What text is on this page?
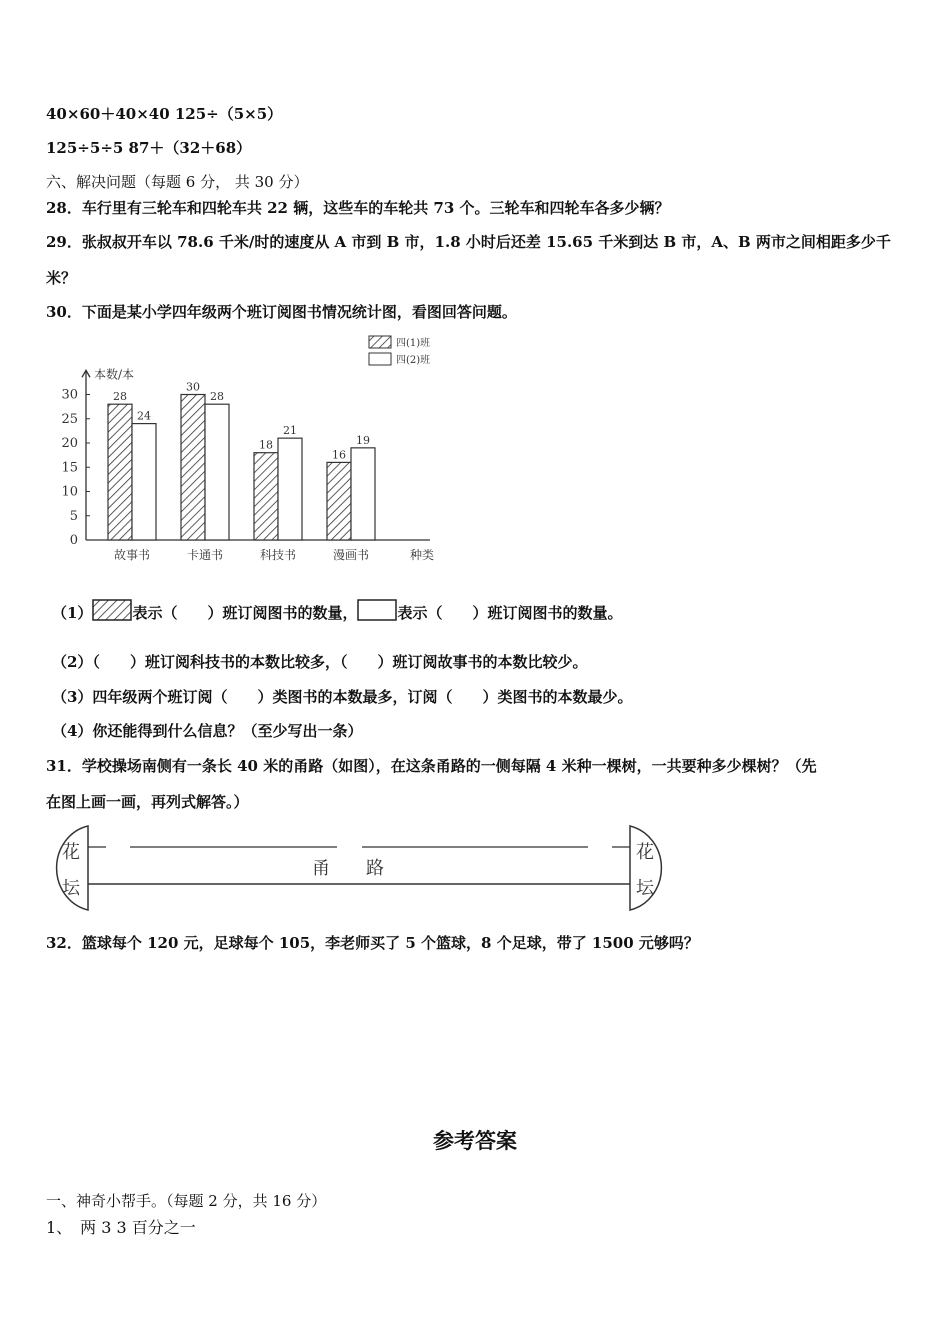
40×60＋40×40 125÷（5×5）
125÷5÷5 87＋（32＋68）
六、解决问题（每题 6 分， 共 30 分）
28．车行里有三轮车和四轮车共 22 辆，这些车的车轮共 73 个。三轮车和四轮车各多少辆？
29．张叔叔开车以 78.6 千米/时的速度从 A 市到 B 市，1.8 小时后还差 15.65 千米到达 B 市，A、B 两市之间相距多少千
米？
30．下面是某小学四年级两个班订阅图书情况统计图，看图回答问题。
本数/本
0
5
10
15
20
25
30	28
24
故事书
30
28
卡通书
18
21
科技书
16
19
漫画书	种类
四(1)班
四(2)班
（1）	表示（　　）班订阅图书的数量，	表示（　　）班订阅图书的数量。
（2）（　　）班订阅科技书的本数比较多，（　　）班订阅故事书的本数比较少。
（3）四年级两个班订阅（　　）类图书的本数最多，订阅（　　）类图书的本数最少。
（4）你还能得到什么信息？（至少写出一条）
31．学校操场南侧有一条长 40 米的甬路（如图），在这条甬路的一侧每隔 4 米种一棵树，一共要种多少棵树？（先
在图上画一画，再列式解答。）
花
坛
花
坛
甬　　路
32．篮球每个 120 元，足球每个 105，李老师买了 5 个篮球，8 个足球，带了 1500 元够吗？
参考答案
一、神奇小帮手。（每题 2 分，共 16 分）
1、　两 3 3 百分之一
